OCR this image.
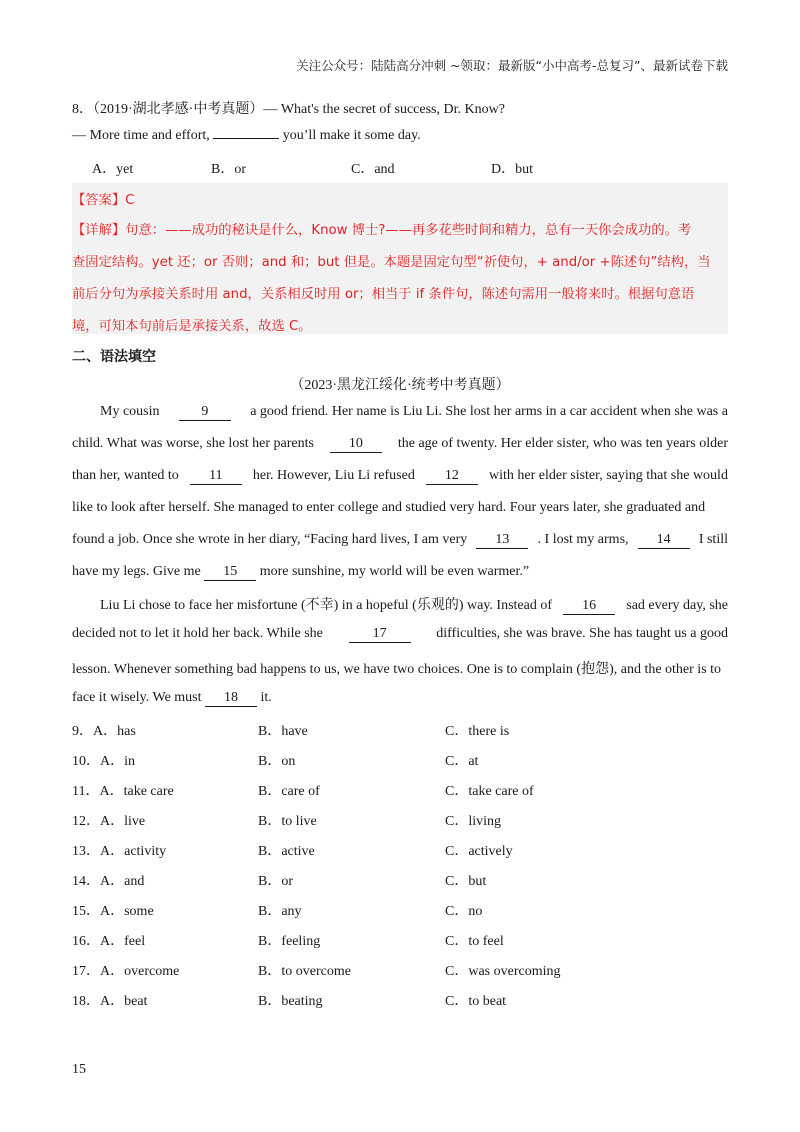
关注公众号：陆陆高分冲刺 ~领取：最新版“小中高考-总复习”、最新试卷下载
8．（2019·湖北孝感·中考真题）— What's the secret of success, Dr. Know?
— More time and effort,	you’ll make it some day.
A．yet	B．or	C．and	D．but
【答案】C
【详解】句意：——成功的秘诀是什么，Know 博士?——再多花些时间和精力，总有一天你会成功的。考
查固定结构。yet 还；or 否则；and 和；but 但是。本题是固定句型“祈使句，+ and/or +陈述句”结构，当
前后分句为承接关系时用 and，关系相反时用 or；相当于 if 条件句，陈述句需用一般将来时。根据句意语
境，可知本句前后是承接关系，故选 C。
二、语法填空
（2023·黑龙江绥化·统考中考真题）
My cousin	9	a good friend. Her name is Liu Li. She lost her arms in a car accident when she was a
child. What was worse, she lost her parents	10	the age of twenty. Her elder sister, who was ten years older
than her, wanted to	11	her. However, Liu Li refused	12	with her elder sister, saying that she would
like to look after herself. She managed to enter college and studied very hard. Four years later, she graduated and
found a job. Once she wrote in her diary, “Facing hard lives, I am very	13	. I lost my arms,	14	I still
have my legs. Give me 15 more sunshine, my world will be even warmer.”
Liu Li chose to face her misfortune (不幸) in a hopeful (乐观的) way. Instead of	16	sad every day, she
decided not to let it hold her back. While she	17	difficulties, she was brave. She has taught us a good
lesson. Whenever something bad happens to us, we have two choices. One is to complain (抱怨), and the other is to
face it wisely. We must 18 it.
9．A．has	B．have	C．there is
10．A．in	B．on	C．at
11．A．take care	B．care of	C．take care of
12．A．live	B．to live	C．living
13．A．activity	B．active	C．actively
14．A．and	B．or	C．but
15．A．some	B．any	C．no
16．A．feel	B．feeling	C．to feel
17．A．overcome	B．to overcome	C．was overcoming
18．A．beat	B．beating	C．to beat
15
